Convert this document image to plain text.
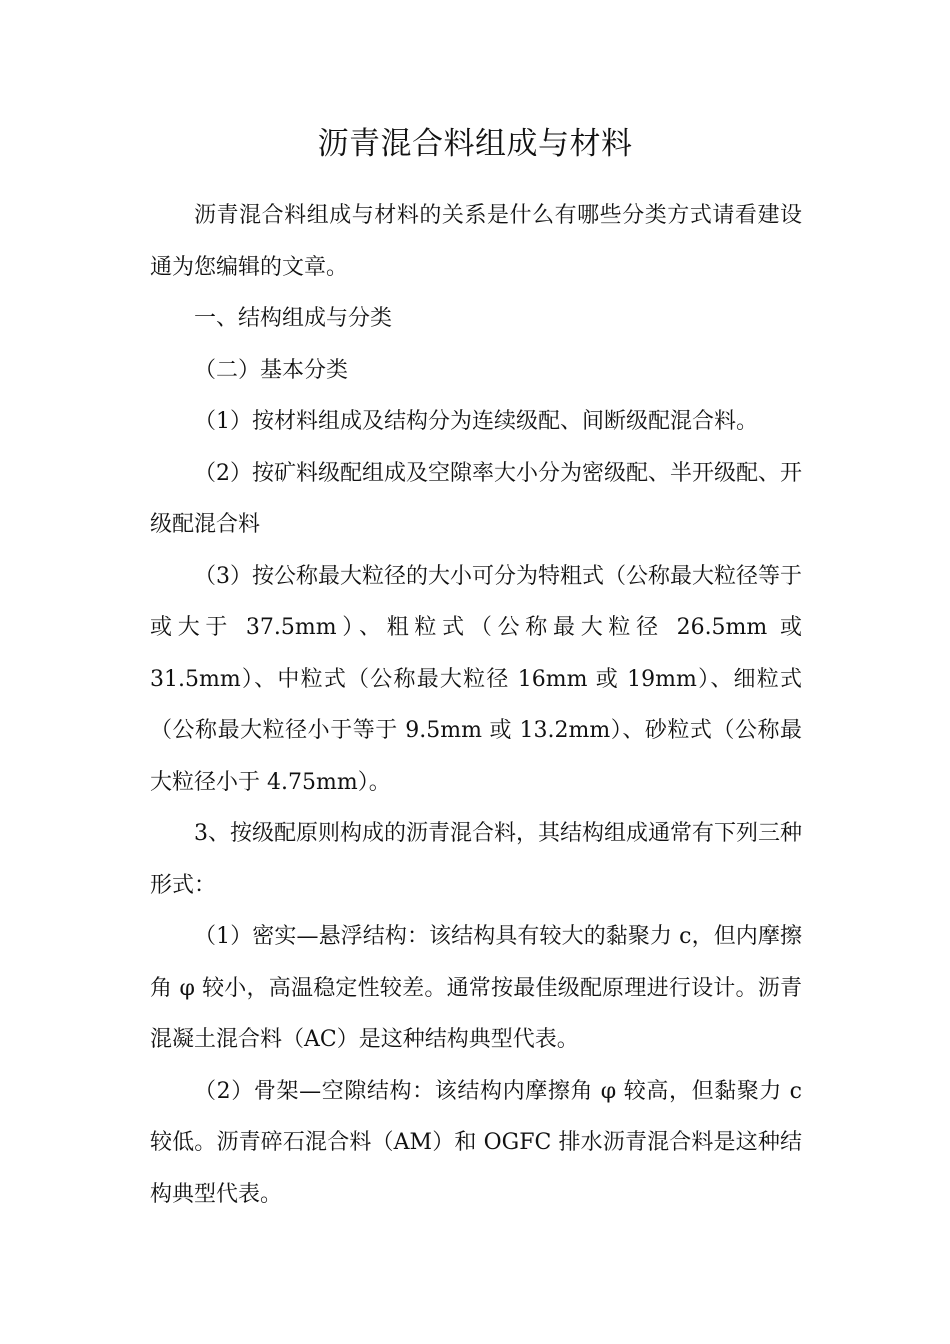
沥青混合料组成与材料

沥青混合料组成与材料的关系是什么有哪些分类方式请看建设通为您编辑的文章。

一、结构组成与分类

（二）基本分类

（1）按材料组成及结构分为连续级配、间断级配混合料。

（2）按矿料级配组成及空隙率大小分为密级配、半开级配、开级配混合料

（3）按公称最大粒径的大小可分为特粗式（公称最大粒径等于或大于 37.5mm）、粗粒式（公称最大粒径 26.5mm 或 31.5mm）、中粒式（公称最大粒径 16mm 或 19mm）、细粒式（公称最大粒径小于等于 9.5mm 或 13.2mm）、砂粒式（公称最大粒径小于 4.75mm）。

3、按级配原则构成的沥青混合料，其结构组成通常有下列三种形式：

（1）密实—悬浮结构：该结构具有较大的黏聚力 c，但内摩擦角 φ 较小，高温稳定性较差。通常按最佳级配原理进行设计。沥青混凝土混合料（AC）是这种结构典型代表。

（2）骨架—空隙结构：该结构内摩擦角 φ 较高，但黏聚力 c 较低。沥青碎石混合料（AM）和 OGFC 排水沥青混合料是这种结构典型代表。
